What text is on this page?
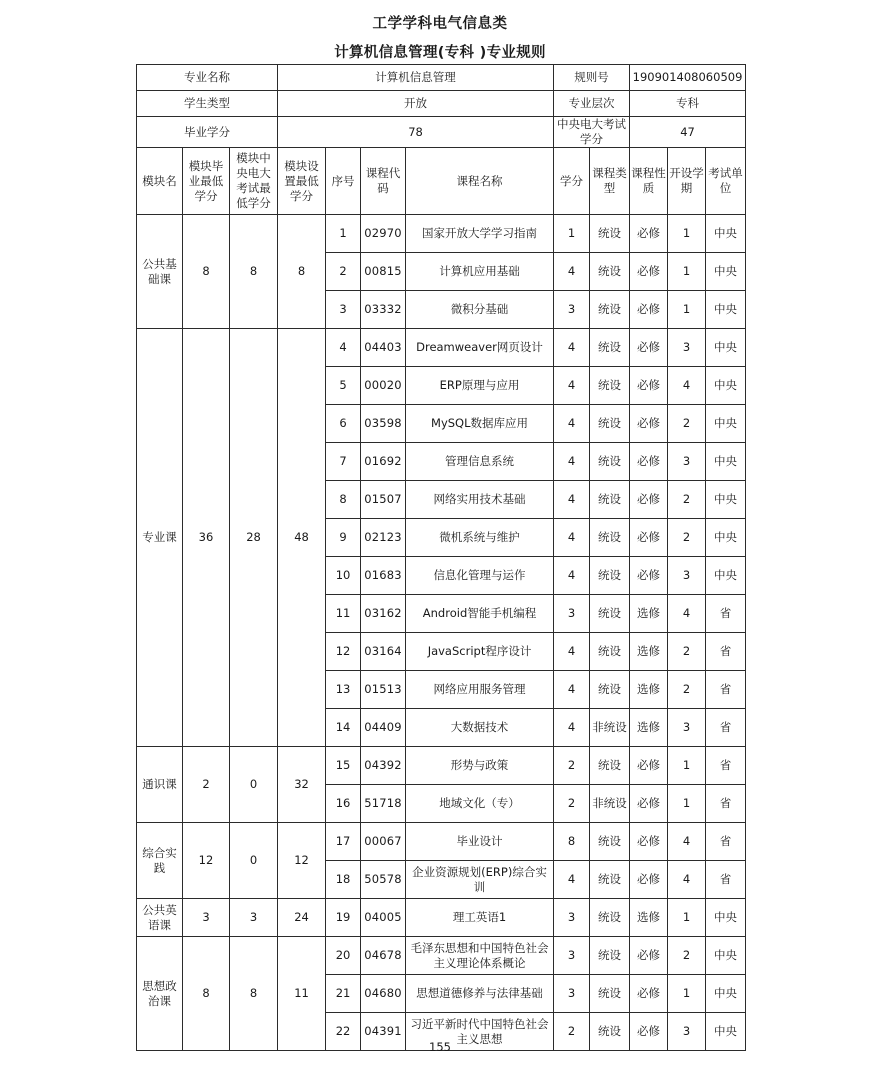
工学学科电气信息类
计算机信息管理(专科 )专业规则
专业名称			计算机信息管理				规则号		190901408060509		
学生类型			开放				专业层次		专科		
毕业学分			78				中央电大考试学分		47		
模块名	模块毕业最低学分	模块中央电大考试最低学分	模块设置最低学分	序号	课程代码	课程名称	学分	课程类型	课程性质	开设学期	考试单位
公共基础课	8	8	8	1	02970	国家开放大学学习指南	1	统设	必修	1	中央
				2	00815	计算机应用基础	4	统设	必修	1	中央
				3	03332	微积分基础	3	统设	必修	1	中央
专业课	36	28	48	4	04403	Dreamweaver网页设计	4	统设	必修	3	中央
				5	00020	ERP原理与应用	4	统设	必修	4	中央
				6	03598	MySQL数据库应用	4	统设	必修	2	中央
				7	01692	管理信息系统	4	统设	必修	3	中央
				8	01507	网络实用技术基础	4	统设	必修	2	中央
				9	02123	微机系统与维护	4	统设	必修	2	中央
				10	01683	信息化管理与运作	4	统设	必修	3	中央
				11	03162	Android智能手机编程	3	统设	选修	4	省
				12	03164	JavaScript程序设计	4	统设	选修	2	省
				13	01513	网络应用服务管理	4	统设	选修	2	省
				14	04409	大数据技术	4	非统设	选修	3	省
通识课	2	0	32	15	04392	形势与政策	2	统设	必修	1	省
				16	51718	地域文化（专）	2	非统设	必修	1	省
综合实践	12	0	12	17	00067	毕业设计	8	统设	必修	4	省
				18	50578	企业资源规划(ERP)综合实训	4	统设	必修	4	省
公共英语课	3	3	24	19	04005	理工英语1	3	统设	选修	1	中央
思想政治课	8	8	11	20	04678	毛泽东思想和中国特色社会主义理论体系概论	3	统设	必修	2	中央
				21	04680	思想道德修养与法律基础	3	统设	必修	1	中央
				22	04391	习近平新时代中国特色社会主义思想	2	统设	必修	3	中央
155
